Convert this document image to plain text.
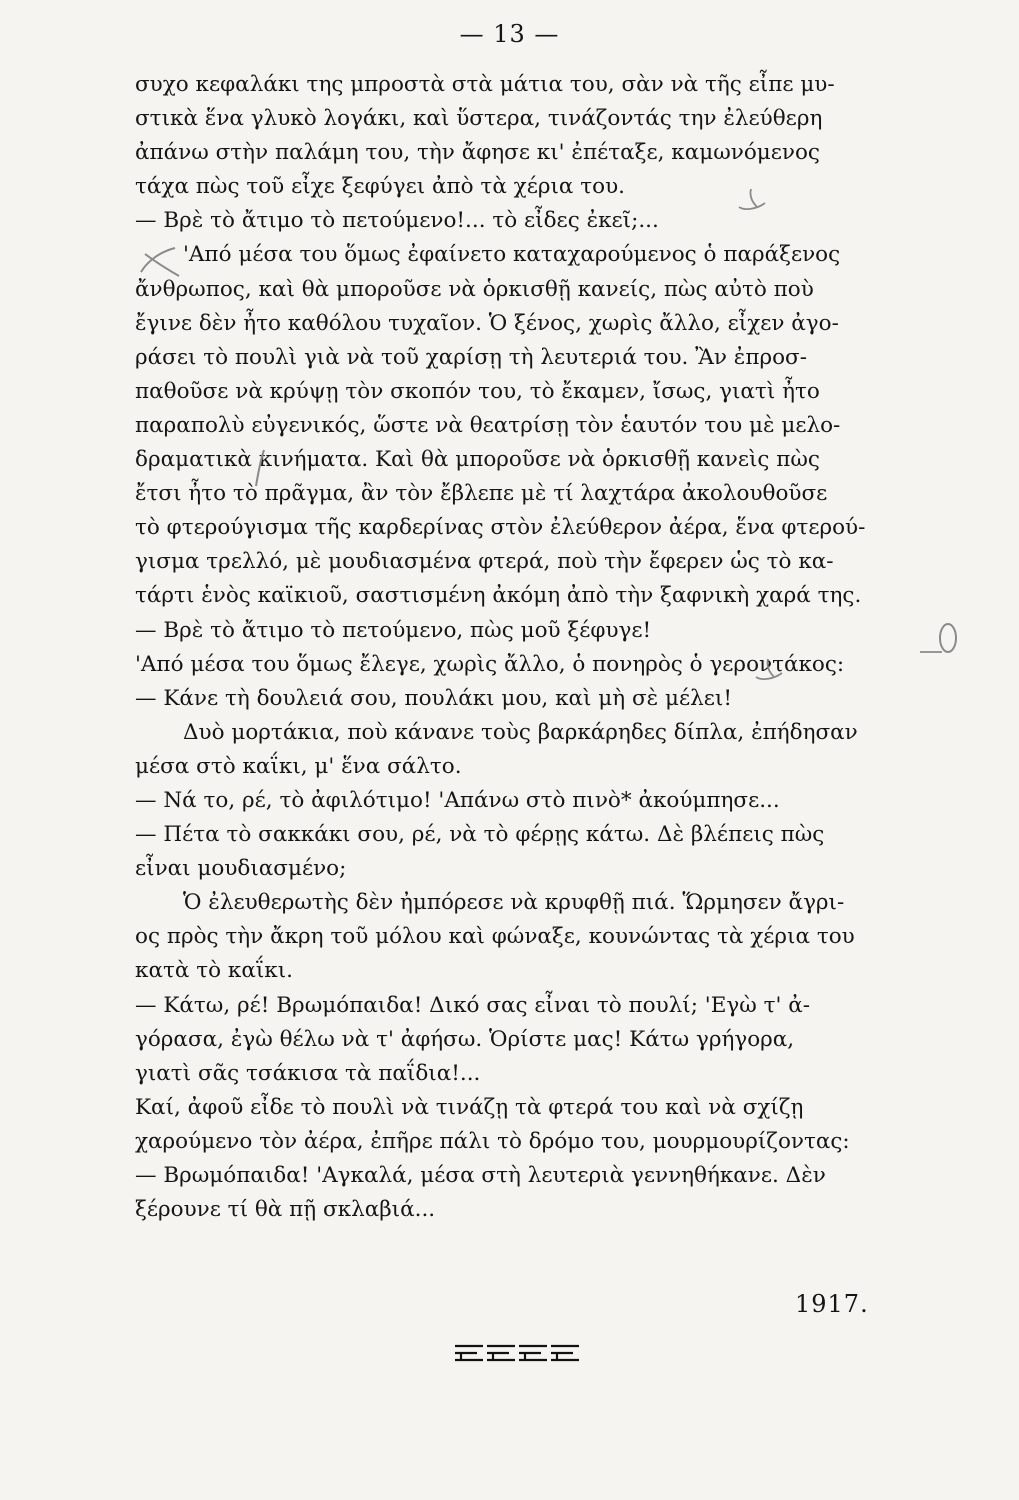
— 13 —
συχο κεφαλάκι της μπροστὰ στὰ μάτια του, σὰν νὰ τῆς εἶπε μυ-
στικὰ ἕνα γλυκὸ λογάκι, καὶ ὕστερα, τινάζοντάς την ἐλεύθερη
ἀπάνω στὴν παλάμη του, τὴν ἄφησε κι' ἐπέταξε, καμωνόμενος
τάχα πὼς τοῦ εἶχε ξεφύγει ἀπὸ τὰ χέρια του.
— Βρὲ τὸ ἄτιμο τὸ πετούμενο!... τὸ εἶδες ἐκεῖ;...
'Από μέσα του ὅμως ἐφαίνετο καταχαρούμενος ὁ παράξενος
ἄνθρωπος, καὶ θὰ μποροῦσε νὰ ὁρκισθῇ κανείς, πὼς αὐτὸ ποὺ
ἔγινε δὲν ἦτο καθόλου τυχαῖον. Ὁ ξένος, χωρὶς ἄλλο, εἶχεν ἀγο-
ράσει τὸ πουλὶ γιὰ νὰ τοῦ χαρίσῃ τὴ λευτεριά του. Ἂν ἐπροσ-
παθοῦσε νὰ κρύψῃ τὸν σκοπόν του, τὸ ἔκαμεν, ἴσως, γιατὶ ἦτο
παραπολὺ εὐγενικός, ὥστε νὰ θεατρίσῃ τὸν ἑαυτόν του μὲ μελο-
δραματικὰ κινήματα. Καὶ θὰ μποροῦσε νὰ ὁρκισθῇ κανεὶς πὼς
ἔτσι ἦτο τὸ πρᾶγμα, ἂν τὸν ἔβλεπε μὲ τί λαχτάρα ἀκολουθοῦσε
τὸ φτερούγισμα τῆς καρδερίνας στὸν ἐλεύθερον ἀέρα, ἕνα φτερού-
γισμα τρελλό, μὲ μουδιασμένα φτερά, ποὺ τὴν ἔφερεν ὡς τὸ κα-
τάρτι ἑνὸς καϊκιοῦ, σαστισμένη ἀκόμη ἀπὸ τὴν ξαφνικὴ χαρά της.
— Βρὲ τὸ ἄτιμο τὸ πετούμενο, πὼς μοῦ ξέφυγε!
'Από μέσα του ὅμως ἔλεγε, χωρὶς ἄλλο, ὁ πονηρὸς ὁ γεροντάκος:
— Κάνε τὴ δουλειά σου, πουλάκι μου, καὶ μὴ σὲ μέλει!
Δυὸ μορτάκια, ποὺ κάνανε τοὺς βαρκάρηδες δίπλα, ἐπήδησαν
μέσα στὸ καΐκι, μ' ἕνα σάλτο.
— Νά το, ρέ, τὸ ἀφιλότιμο! 'Απάνω στὸ πινὸ* ἀκούμπησε...
— Πέτα τὸ σακκάκι σου, ρέ, νὰ τὸ φέρῃς κάτω. Δὲ βλέπεις πὼς
εἶναι μουδιασμένο;
Ὁ ἐλευθερωτὴς δὲν ἠμπόρεσε νὰ κρυφθῇ πιά. Ὥρμησεν ἄγρι-
ος πρὸς τὴν ἄκρη τοῦ μόλου καὶ φώναξε, κουνώντας τὰ χέρια του
κατὰ τὸ καΐκι.
— Κάτω, ρέ! Βρωμόπαιδα! Δικό σας εἶναι τὸ πουλί; 'Εγὼ τ' ἀ-
γόρασα, ἐγὼ θέλω νὰ τ' ἀφήσω. Ὁρίστε μας! Κάτω γρήγορα,
γιατὶ σᾶς τσάκισα τὰ παΐδια!...
Καί, ἀφοῦ εἶδε τὸ πουλὶ νὰ τινάζῃ τὰ φτερά του καὶ νὰ σχίζῃ
χαρούμενο τὸν ἀέρα, ἐπῆρε πάλι τὸ δρόμο του, μουρμουρίζοντας:
— Βρωμόπαιδα! 'Αγκαλά, μέσα στὴ λευτεριὰ γεννηθήκανε. Δὲν
ξέρουνε τί θὰ πῇ σκλαβιά...
1917.
